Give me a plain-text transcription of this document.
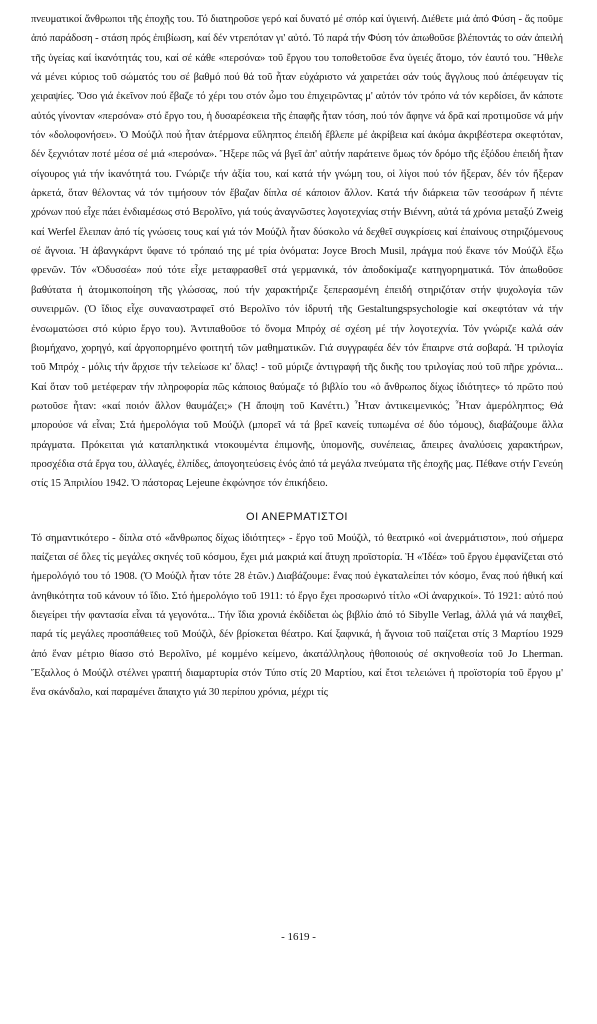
πνευματικοί ἄνθρωποι τῆς ἐποχῆς του. Τό διατηροῦσε γερό καί δυνατό μέ σπόρ καί ὑγιεινή. Διέθετε μιά ἀπό Φύση - ἄς ποῦμε ἀπό παράδοση - στάση πρός ἐπιβίωση, καί δέν ντρεπόταν γι' αὐτό. Τό παρά τήν Φύση τόν ἀπωθοῦσε βλέποντάς το σάν ἀπειλή τῆς ὑγείας καί ἱκανότητάς του, καί σέ κάθε «περσόνα» τοῦ ἔργου του τοποθετοῦσε ἕνα ὑγειές ἄτομο, τόν ἑαυτό του. Ἤθελε νά μένει κύριος τοῦ σώματός του σέ βαθμό πού θά τοῦ ἦταν εὐχάριστο νά χαιρετάει σάν τούς ἄγγλους πού ἀπέφευγαν τίς χειραψίες. Ὅσο γιά ἐκεῖνον πού ἔβαζε τό χέρι του στόν ὦμο του ἐπιχειρῶντας μ' αὐτόν τόν τρόπο νά τόν κερδίσει, ἄν κάποτε αὐτός γίνονταν «περσόνα» στό ἔργο του, ἡ δυσαρέσκεια τῆς ἐπαφῆς ἦταν τόση, πού τόν ἄφηνε νά δρᾶ καί προτιμοῦσε νά μήν τόν «δολοφονήσει». Ὁ Μούζιλ πού ἦταν ἀτέρμονα εὔληπτος ἐπειδή ἔβλεπε μέ ἀκρίβεια καί ἀκόμα ἀκριβέστερα σκεφτόταν, δέν ξεχνιόταν ποτέ μέσα σέ μιά «περσόνα». Ἤξερε πῶς νά βγεῖ ἀπ' αὐτήν παράτεινε ὅμως τόν δρόμο τῆς ἐξόδου ἐπειδή ἦταν σίγουρος γιά τήν ἱκανότητά του. Γνώριζε τήν ἀξία του, καί κατά τήν γνώμη του, οἱ λίγοι πού τόν ἤξεραν, δέν τόν ἤξεραν ἀρκετά, ὅταν θέλοντας νά τόν τιμήσουν τόν ἔβαζαν δίπλα σέ κάποιον ἄλλον. Κατά τήν διάρκεια τῶν τεσσάρων ἤ πέντε χρόνων πού εἶχε πάει ἐνδιαμέσως στό Βερολῖνο, γιά τούς ἀναγνῶστες λογοτεχνίας στήν Βιέννη, αὐτά τά χρόνια μεταξύ Zweig καί Werfel ἔλειπαν ἀπό τίς γνώσεις τους καί γιά τόν Μούζιλ ἦταν δύσκολο νά δεχθεῖ συγκρίσεις καί ἐπαίνους στηριζόμενους σέ ἄγνοια. Ἡ ἀβανγκάρντ ὕφανε τό τρόπαιό της μέ τρία ὀνόματα: Joyce Broch Musil, πράγμα πού ἔκανε τόν Μούζιλ ἔξω φρενῶν. Τόν «Ὀδυσσέα» πού τότε εἶχε μεταφρασθεῖ στά γερμανικά, τόν ἀποδοκίμαζε κατηγορηματικά. Τόν ἀπωθοῦσε βαθύτατα ἡ ἀτομικοποίηση τῆς γλώσσας, πού τήν χαρακτήριζε ξεπερασμένη ἐπειδή στηριζόταν στήν ψυχολογία τῶν συνειρμῶν. (Ὁ ἴδιος εἶχε συναναστραφεῖ στό Βερολῖνο τόν ἱδρυτή τῆς Gestaltungspsychologie καί σκεφτόταν νά τήν ἐνσωματώσει στό κύριο ἔργο του). Ἀντιπαθοῦσε τό ὄνομα Μπρόχ σέ σχέση μέ τήν λογοτεχνία. Τόν γνώριζε καλά σάν βιομήχανο, χορηγό, καί ἀργοπορημένο φοιτητή τῶν μαθηματικῶν. Γιά συγγραφέα δέν τόν ἔπαιρνε στά σοβαρά. Ἡ τριλογία τοῦ Μπρόχ - μόλις τήν ἄρχισε τήν τελείωσε κι' ὅλας! - τοῦ μύριζε ἀντιγραφή τῆς δικῆς του τριλογίας πού τοῦ πῆρε χρόνια... Καί ὅταν τοῦ μετέφεραν τήν πληροφορία πῶς κάποιος θαύμαζε τό βιβλίο του «ὁ ἄνθρωπος δίχως ἰδιότητες» τό πρῶτο πού ρωτοῦσε ἦταν: «καί ποιόν ἄλλον θαυμάζει;» (Ἡ ἄποψη τοῦ Κανέττι.) Ἦταν ἀντικειμενικός; Ἦταν ἀμερόληπτος; Θά μπορούσε νά εἶναι; Στά ἡμερολόγια τοῦ Μούζιλ (μπορεῖ νά τά βρεῖ κανείς τυπωμένα σέ δύο τόμους), διαβάζουμε ἄλλα πράγματα. Πρόκειται γιά καταπληκτικά ντοκουμέντα ἐπιμονῆς, ὑπομονῆς, συνέπειας, ἄπειρες ἀναλύσεις χαρακτήρων, προσχέδια στά ἔργα του, ἀλλαγές, ἐλπίδες, ἀπογοητεύσεις ἑνός ἀπό τά μεγάλα πνεύματα τῆς ἐποχῆς μας. Πέθανε στήν Γενεύη στίς 15 Ἀπριλίου 1942. Ὁ πάστορας Lejeune ἐκφώνησε τόν ἐπικήδειο.

ΟΙ ΑΝΕΡΜΑΤΙΣΤΟΙ

Τό σημαντικότερο - δίπλα στό «ἄνθρωπος δίχως ἰδιότητες» - ἔργο τοῦ Μούζιλ, τό θεατρικό «οἱ ἀνερμάτιστοι», πού σήμερα παίζεται σέ ὅλες τίς μεγάλες σκηνές τοῦ κόσμου, ἔχει μιά μακριά καί ἄτυχη προϊστορία. Ἡ «Ἰδέα» τοῦ ἔργου ἐμφανίζεται στό ἡμερολόγιό του τό 1908. (Ὁ Μούζιλ ἦταν τότε 28 ἐτῶν.) Διαβάζουμε: ἕνας πού ἐγκαταλείπει τόν κόσμο, ἕνας πού ἠθική καί ἀνηθικότητα τοῦ κάνουν τό ἴδιο. Στό ἡμερολόγιο τοῦ 1911: τό ἔργο ἔχει προσωρινό τίτλο «Οἱ ἀναρχικοί». Τό 1921: αὐτό πού διεγείρει τήν φαντασία εἶναι τά γεγονότα... Τήν ἴδια χρονιά ἐκδίδεται ὡς βιβλίο ἀπό τό Sibylle Verlag, ἀλλά γιά νά παιχθεῖ, παρά τίς μεγάλες προσπάθειες τοῦ Μούζιλ, δέν βρίσκεται θέατρο. Καί ξαφνικά, ἡ ἄγνοια τοῦ παίζεται στίς 3 Μαρτίου 1929 ἀπό ἕναν μέτριο θίασο στό Βερολῖνο, μέ κομμένο κείμενο, ἀκατάλληλους ἠθοποιούς σέ σκηνοθεσία τοῦ Jo Lherman. Ἔξαλλος ὁ Μούζιλ στέλνει γραπτή διαμαρτυρία στόν Τύπο στίς 20 Μαρτίου, καί ἔτσι τελειώνει ἡ προϊστορία τοῦ ἔργου μ' ἕνα σκάνδαλο, καί παραμένει ἄπαιχτο γιά 30 περίπου χρόνια, μέχρι τίς

- 1619 -
